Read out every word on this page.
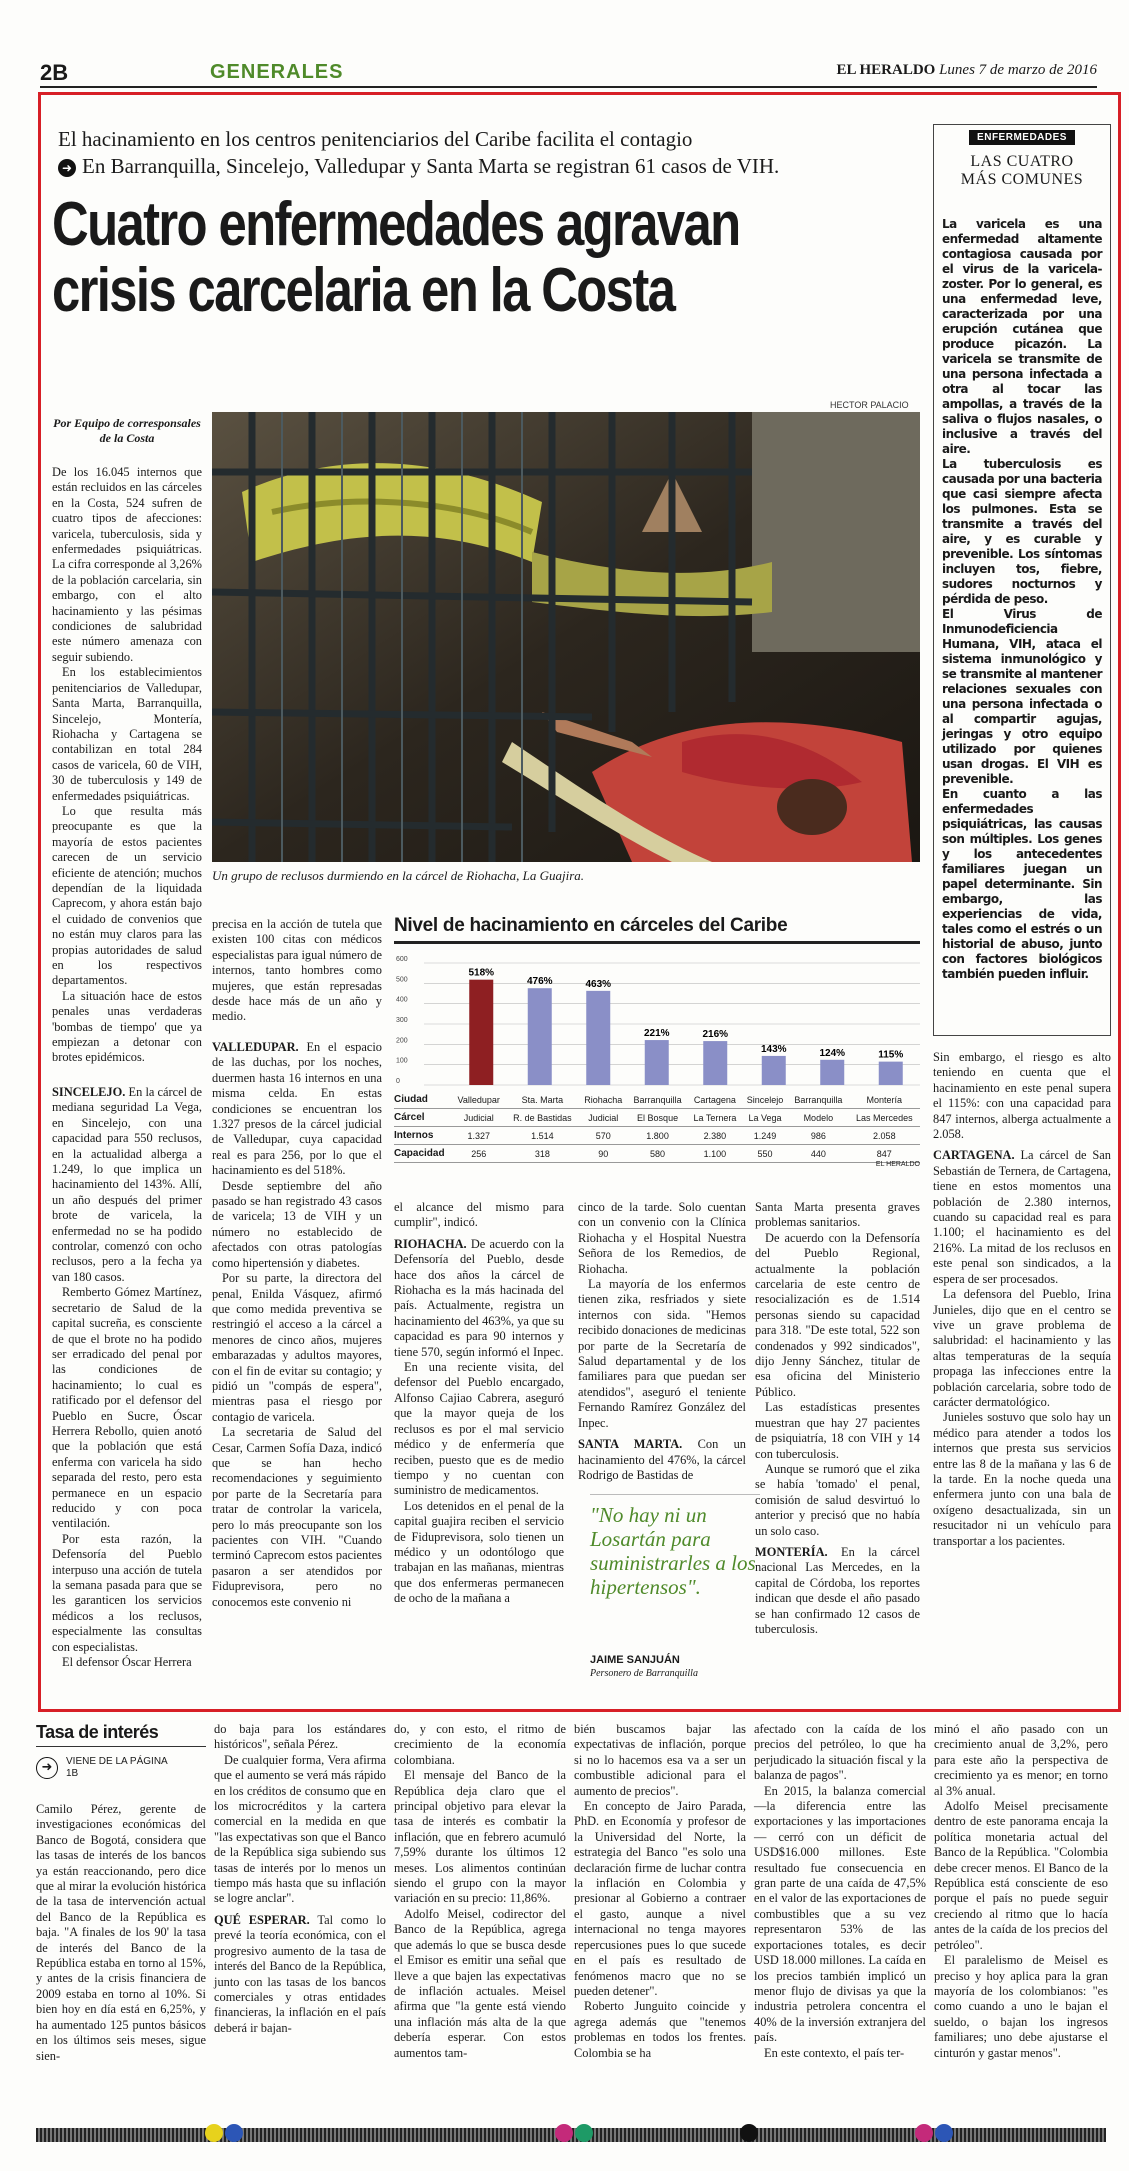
2B	GENERALES	EL HERALDO Lunes 7 de marzo de 2016
El hacinamiento en los centros penitenciarios del Caribe facilita el contagio
➜ En Barranquilla, Sincelejo, Valledupar y Santa Marta se registran 61 casos de VIH.
Cuatro enfermedades agravan
crisis carcelaria en la Costa
HECTOR PALACIO
Un grupo de reclusos durmiendo en la cárcel de Riohacha, La Guajira.
Por Equipo de corresponsales de la Costa

De los 16.045 internos que están recluidos en las cárceles en la Costa, 524 sufren de cuatro tipos de afecciones: varicela, tuberculosis, sida y enfermedades psiquiátricas. La cifra corresponde al 3,26% de la población carcelaria, sin embargo, con el alto hacinamiento y las pésimas condiciones de salubridad este número amenaza con seguir subiendo.

En los establecimientos penitenciarios de Valledupar, Santa Marta, Barranquilla, Sincelejo, Montería, Riohacha y Cartagena se contabilizan en total 284 casos de varicela, 60 de VIH, 30 de tuberculosis y 149 de enfermedades psiquiátricas.

Lo que resulta más preocupante es que la mayoría de estos pacientes carecen de un servicio eficiente de atención; muchos dependían de la liquidada Caprecom, y ahora están bajo el cuidado de convenios que no están muy claros para las propias autoridades de salud en los respectivos departamentos.

La situación hace de estos penales unas verdaderas 'bombas de tiempo' que ya empiezan a detonar con brotes epidémicos.

SINCELEJO. En la cárcel de mediana seguridad La Vega, en Sincelejo, con una capacidad para 550 reclusos, en la actualidad alberga a 1.249, lo que implica un hacinamiento del 143%. Allí, un año después del primer brote de varicela, la enfermedad no se ha podido controlar, comenzó con ocho reclusos, pero a la fecha ya van 180 casos.

Remberto Gómez Martínez, secretario de Salud de la capital sucreña, es consciente de que el brote no ha podido ser erradicado del penal por las condiciones de hacinamiento; lo cual es ratificado por el defensor del Pueblo en Sucre, Óscar Herrera Rebollo, quien anotó que la población que está enferma con varicela ha sido separada del resto, pero esta permanece en un espacio reducido y con poca ventilación.

Por esta razón, la Defensoría del Pueblo interpuso una acción de tutela la semana pasada para que se les garanticen los servicios médicos a los reclusos, especialmente las consultas con especialistas.

El defensor Óscar Herrera

precisa en la acción de tutela que existen 100 citas con médicos especialistas para igual número de internos, tanto hombres como mujeres, que están represadas desde hace más de un año y medio.

VALLEDUPAR. En el espacio de las duchas, por los noches, duermen hasta 16 internos en una misma celda. En estas condiciones se encuentran los 1.327 presos de la cárcel judicial de Valledupar, cuya capacidad real es para 256, por lo que el hacinamiento es del 518%.

Desde septiembre del año pasado se han registrado 43 casos de varicela; 13 de VIH y un número no establecido de afectados con otras patologías como hipertensión y diabetes.

Por su parte, la directora del penal, Enilda Vásquez, afirmó que como medida preventiva se restringió el acceso a la cárcel a menores de cinco años, mujeres embarazadas y adultos mayores, con el fin de evitar su contagio; y pidió un "compás de espera", mientras pasa el riesgo por contagio de varicela.

La secretaria de Salud del Cesar, Carmen Sofía Daza, indicó que se han hecho recomendaciones y seguimiento por parte de la Secretaría para tratar de controlar la varicela, pero lo más preocupante son los pacientes con VIH. "Cuando terminó Caprecom estos pacientes pasaron a ser atendidos por Fiduprevisora, pero no conocemos este convenio ni

el alcance del mismo para cumplir", indicó.

RIOHACHA. De acuerdo con la Defensoría del Pueblo, desde hace dos años la cárcel de Riohacha es la más hacinada del país. Actualmente, registra un hacinamiento del 463%, ya que su capacidad es para 90 internos y tiene 570, según informó el Inpec.

En una reciente visita, del defensor del Pueblo encargado, Alfonso Cajiao Cabrera, aseguró que la mayor queja de los reclusos es por el mal servicio médico y de enfermería que reciben, puesto que es de medio tiempo y no cuentan con suministro de medicamentos.

Los detenidos en el penal de la capital guajira reciben el servicio de Fiduprevisora, solo tienen un médico y un odontólogo que trabajan en las mañanas, mientras que dos enfermeras permanecen de ocho de la mañana a

cinco de la tarde. Solo cuentan con un convenio con la Clínica Riohacha y el Hospital Nuestra Señora de los Remedios, de Riohacha.

La mayoría de los enfermos tienen zika, resfriados y siete internos con sida. "Hemos recibido donaciones de medicinas por parte de la Secretaría de Salud departamental y de los familiares para que puedan ser atendidos", aseguró el teniente Fernando Ramírez González del Inpec.

SANTA MARTA. Con un hacinamiento del 476%, la cárcel Rodrigo de Bastidas de

"No hay ni un Losartán para suministrarles a los hipertensos".
JAIME SANJUÁN
Personero de Barranquilla

Santa Marta presenta graves problemas sanitarios.

De acuerdo con la Defensoría del Pueblo Regional, actualmente la población carcelaria de este centro de resocialización es de 1.514 personas siendo su capacidad para 318. "De este total, 522 son condenados y 992 sindicados", dijo Jenny Sánchez, titular de esa oficina del Ministerio Público.

Las estadísticas presentes muestran que hay 27 pacientes de psiquiatría, 18 con VIH y 14 con tuberculosis.

Aunque se rumoró que el zika se había 'tomado' el penal, comisión de salud desvirtuó lo anterior y precisó que no había un solo caso.

MONTERÍA. En la cárcel nacional Las Mercedes, en la capital de Córdoba, los reportes indican que desde el año pasado se han confirmado 12 casos de tuberculosis.

Sin embargo, el riesgo es alto teniendo en cuenta que el hacinamiento en este penal supera el 115%: con una capacidad para 847 internos, alberga actualmente a 2.058.

CARTAGENA. La cárcel de San Sebastián de Ternera, de Cartagena, tiene en estos momentos una población de 2.380 internos, cuando su capacidad real es para 1.100; el hacinamiento es del 216%. La mitad de los reclusos en este penal son sindicados, a la espera de ser procesados.

La defensora del Pueblo, Irina Junieles, dijo que en el centro se vive un grave problema de salubridad: el hacinamiento y las altas temperaturas de la sequía propaga las infecciones entre la población carcelaria, sobre todo de carácter dermatológico.

Junieles sostuvo que solo hay un médico para atender a todos los internos que presta sus servicios entre las 8 de la mañana y las 6 de la tarde. En la noche queda una enfermera junto con una bala de oxígeno desactualizada, sin un resucitador ni un vehículo para transportar a los pacientes.

ENFERMEDADES
LAS CUATRO
MÁS COMUNES

La varicela es una enfermedad altamente contagiosa causada por el virus de la varicela-zoster. Por lo general, es una enfermedad leve, caracterizada por una erupción cutánea que produce picazón. La varicela se transmite de una persona infectada a otra al tocar las ampollas, a través de la saliva o flujos nasales, o inclusive a través del aire.

La tuberculosis es causada por una bacteria que casi siempre afecta los pulmones. Esta se transmite a través del aire, y es curable y prevenible. Los síntomas incluyen tos, fiebre, sudores nocturnos y pérdida de peso.

El Virus de Inmunodeficiencia Humana, VIH, ataca el sistema inmunológico y se transmite al mantener relaciones sexuales con una persona infectada o al compartir agujas, jeringas y otro equipo utilizado por quienes usan drogas. El VIH es prevenible.

En cuanto a las enfermedades psiquiátricas, las causas son múltiples. Los genes y los antecedentes familiares juegan un papel determinante. Sin embargo, las experiencias de vida, tales como el estrés o un historial de abuso, junto con factores biológicos también pueden influir.

Nivel de hacinamiento en cárceles del Caribe
600
500
400
300
200
100
0
518%
476%	463%
221%	216%
143%	124%	115%
Ciudad	Valledupar	Sta. Marta	Riohacha	Barranquilla	Cartagena	Sincelejo	Barranquilla	Montería
Cárcel	Judicial	R. de Bastidas	Judicial	El Bosque	La Ternera	La Vega	Modelo	Las Mercedes
Internos	1.327	1.514	570	1.800	2.380	1.249	986	2.058
Capacidad	256	318	90	580	1.100	550	440	847
EL HERALDO
Tasa de interés
➜ VIENE DE LA PÁGINA 1B

Camilo Pérez, gerente de investigaciones económicas del Banco de Bogotá, considera que las tasas de interés de los bancos ya están reaccionando, pero dice que al mirar la evolución histórica de la tasa de intervención actual del Banco de la República es baja. "A finales de los 90' la tasa de interés del Banco de la República estaba en torno al 15%, y antes de la crisis financiera de 2009 estaba en torno al 10%. Si bien hoy en día está en 6,25%, y ha aumentado 125 puntos básicos en los últimos seis meses, sigue sien-

do baja para los estándares históricos", señala Pérez.

De cualquier forma, Vera afirma que el aumento se verá más rápido en los créditos de consumo que en los microcréditos y la cartera comercial en la medida en que "las expectativas son que el Banco de la República siga subiendo sus tasas de interés por lo menos un tiempo más hasta que su inflación se logre anclar".

QUÉ ESPERAR. Tal como lo prevé la teoría económica, con el progresivo aumento de la tasa de interés del Banco de la República, junto con las tasas de los bancos comerciales y otras entidades financieras, la inflación en el país deberá ir bajan-

do, y con esto, el ritmo de crecimiento de la economía colombiana.

El mensaje del Banco de la República deja claro que el principal objetivo para elevar la tasa de interés es combatir la inflación, que en febrero acumuló 7,59% durante los últimos 12 meses. Los alimentos continúan siendo el grupo con la mayor variación en su precio: 11,86%.

Adolfo Meisel, codirector del Banco de la República, agrega que además lo que se busca desde el Emisor es emitir una señal que lleve a que bajen las expectativas de inflación actuales. Meisel afirma que "la gente está viendo una inflación más alta de la que debería esperar. Con estos aumentos tam-

bién buscamos bajar las expectativas de inflación, porque si no lo hacemos esa va a ser un combustible adicional para el aumento de precios".

En concepto de Jairo Parada, PhD. en Economía y profesor de la Universidad del Norte, la estrategia del Banco "es solo una declaración firme de luchar contra la inflación en Colombia y presionar al Gobierno a contraer el gasto, aunque a nivel internacional no tenga mayores repercusiones pues lo que sucede en el país es resultado de fenómenos macro que no se pueden detener".

Roberto Junguito coincide y agrega además que "tenemos problemas en todos los frentes. Colombia se ha

afectado con la caída de los precios del petróleo, lo que ha perjudicado la situación fiscal y la balanza de pagos".

En 2015, la balanza comercial —la diferencia entre las exportaciones y las importaciones— cerró con un déficit de USD$16.000 millones. Este resultado fue consecuencia en gran parte de una caída de 47,5% en el valor de las exportaciones de combustibles que a su vez representaron 53% de las exportaciones totales, es decir USD 18.000 millones. La caída en los precios también implicó un menor flujo de divisas ya que la industria petrolera concentra el 40% de la inversión extranjera del país.

En este contexto, el país ter-

minó el año pasado con un crecimiento anual de 3,2%, pero para este año la perspectiva de crecimiento ya es menor; en torno al 3% anual.

Adolfo Meisel precisamente dentro de este panorama encaja la política monetaria actual del Banco de la República. "Colombia debe crecer menos. El Banco de la República está consciente de eso porque el país no puede seguir creciendo al ritmo que lo hacía antes de la caída de los precios del petróleo".

El paralelismo de Meisel es preciso y hoy aplica para la gran mayoría de los colombianos: "es como cuando a uno le bajan el sueldo, o bajan los ingresos familiares; uno debe ajustarse el cinturón y gastar menos".
